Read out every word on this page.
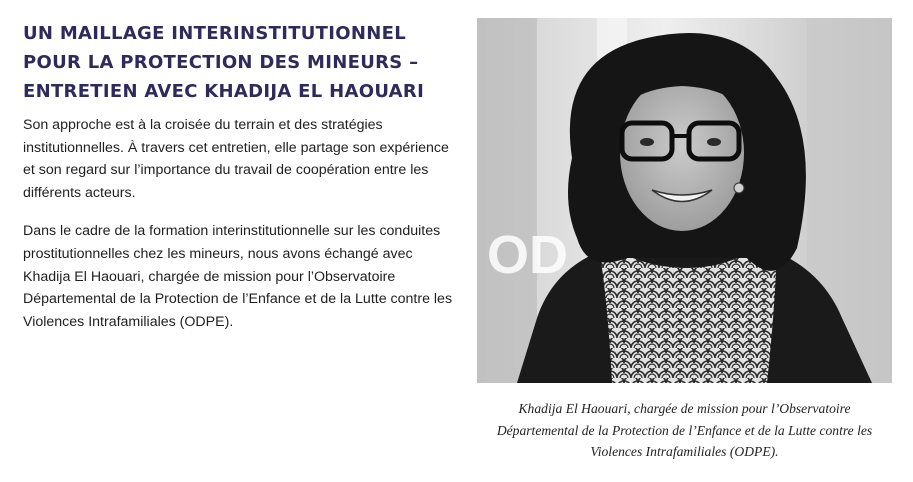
UN MAILLAGE INTERINSTITUTIONNEL POUR LA PROTECTION DES MINEURS – ENTRETIEN AVEC KHADIJA EL HAOUARI

Son approche est à la croisée du terrain et des stratégies institutionnelles. À travers cet entretien, elle partage son expérience et son regard sur l’importance du travail de coopération entre les différents acteurs.

Dans le cadre de la formation interinstitutionnelle sur les conduites prostitutionnelles chez les mineurs, nous avons échangé avec Khadija El Haouari, chargée de mission pour l’Observatoire Départemental de la Protection de l’Enfance et de la Lutte contre les Violences Intrafamiliales (ODPE).

OD

Khadija El Haouari, chargée de mission pour l’Observatoire Départemental de la Protection de l’Enfance et de la Lutte contre les Violences Intrafamiliales (ODPE).
